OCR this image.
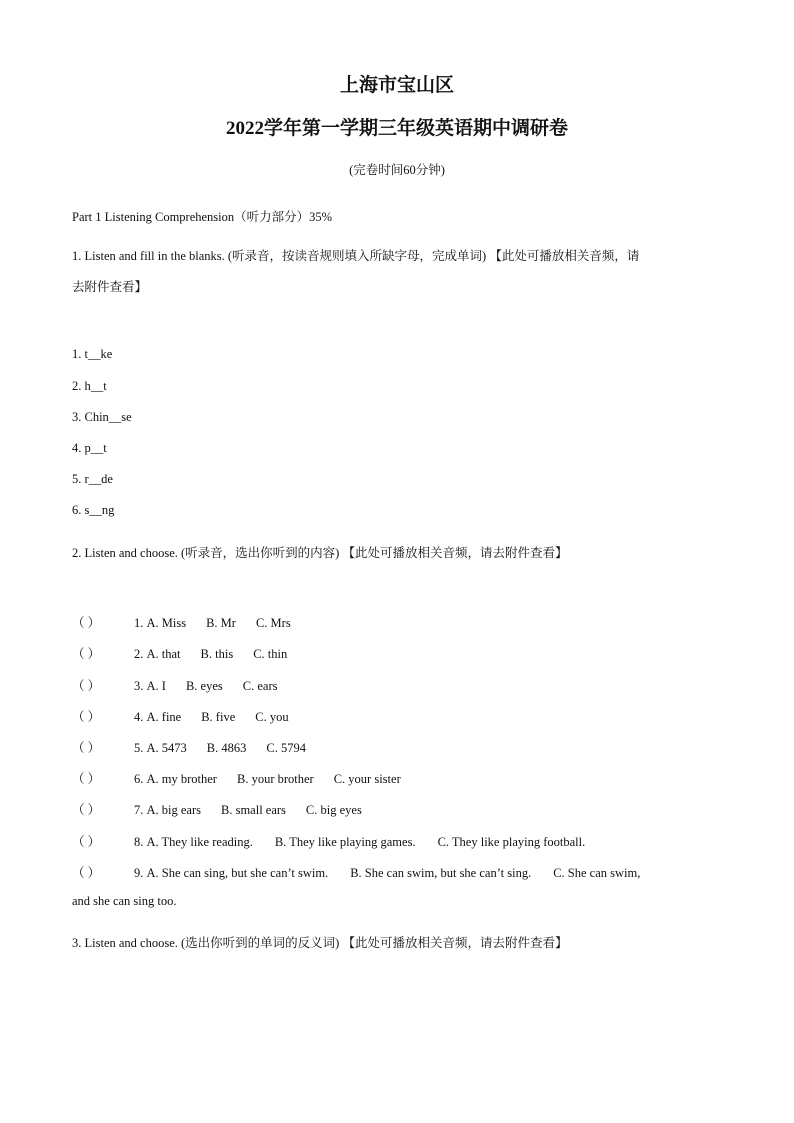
上海市宝山区
2022学年第一学期三年级英语期中调研卷
(完卷时间60分钟)
Part 1 Listening Comprehension（听力部分）35%
1. Listen and fill in the blanks. (听录音，按读音规则填入所缺字母，完成单词) 【此处可播放相关音频，请
去附件查看】
1. t__ke
2. h__t
3. Chin__se
4. p__t
5. r__de
6. s__ng
2. Listen and choose. (听录音，选出你听到的内容) 【此处可播放相关音频，请去附件查看】
（ ）	1. A. Miss B. Mr C. Mrs
（ ）	2. A. that B. this C. thin
（ ）	3. A. I B. eyes C. ears
（ ）	4. A. fine B. five C. you
（ ）	5. A. 5473 B. 4863 C. 5794
（ ）	6. A. my brother B. your brother C. your sister
（ ）	7. A. big ears B. small ears C. big eyes
（ ）	8. A. They like reading. B. They like playing games. C. They like playing football.
（ ）	9. A. She can sing, but she can’t swim. B. She can swim, but she can’t sing. C. She can swim,
and she can sing too.
3. Listen and choose. (选出你听到的单词的反义词) 【此处可播放相关音频，请去附件查看】
